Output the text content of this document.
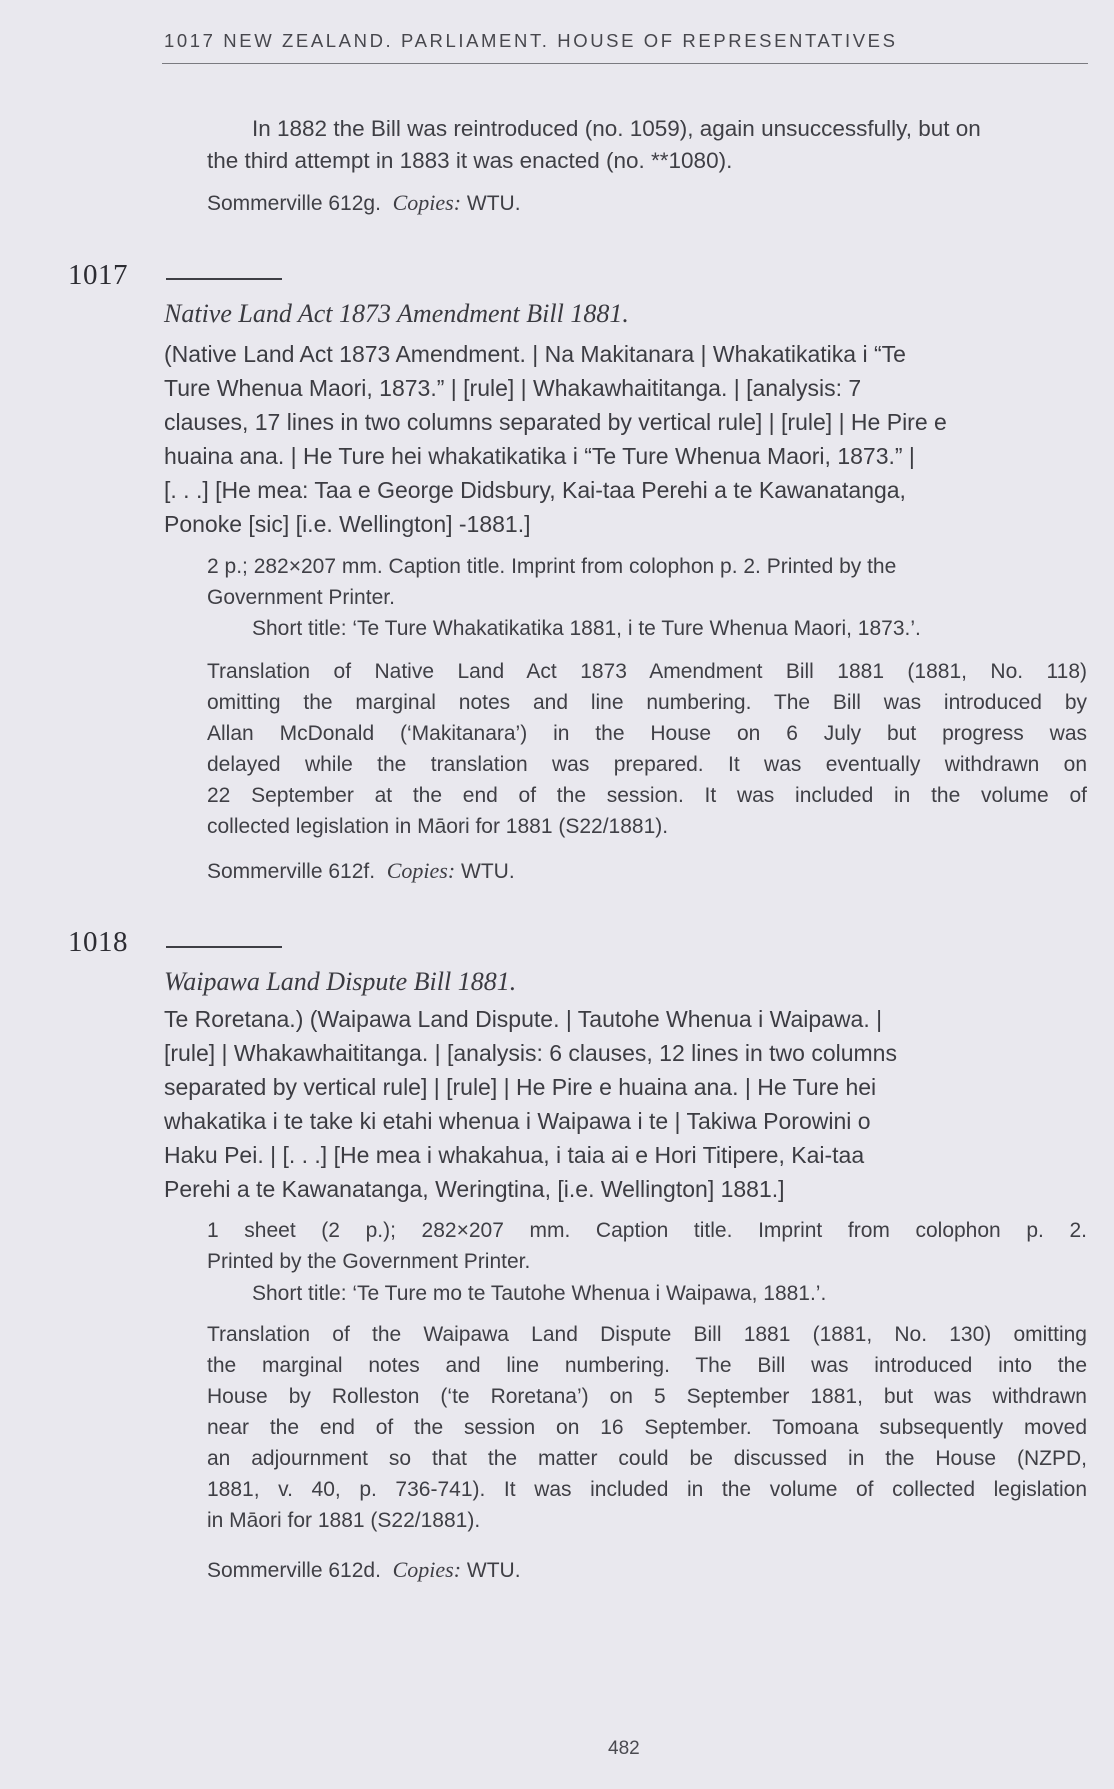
1017 NEW ZEALAND. PARLIAMENT. HOUSE OF REPRESENTATIVES
In 1882 the Bill was reintroduced (no. 1059), again unsuccessfully, but on
the third attempt in 1883 it was enacted (no. **1080).
Sommerville 612g. Copies: WTU.
1017
Native Land Act 1873 Amendment Bill 1881.
(Native Land Act 1873 Amendment. | Na Makitanara | Whakatikatika i “Te
Ture Whenua Maori, 1873.” | [rule] | Whakawhaititanga. | [analysis: 7
clauses, 17 lines in two columns separated by vertical rule] | [rule] | He Pire e
huaina ana. | He Ture hei whakatikatika i “Te Ture Whenua Maori, 1873.” |
[. . .] [He mea: Taa e George Didsbury, Kai-taa Perehi a te Kawanatanga,
Ponoke [sic] [i.e. Wellington] -1881.]
2 p.; 282×207 mm. Caption title. Imprint from colophon p. 2. Printed by the
Government Printer.
Short title: ‘Te Ture Whakatikatika 1881, i te Ture Whenua Maori, 1873.’.
Translation of Native Land Act 1873 Amendment Bill 1881 (1881, No. 118)
omitting the marginal notes and line numbering. The Bill was introduced by
Allan McDonald (‘Makitanara’) in the House on 6 July but progress was
delayed while the translation was prepared. It was eventually withdrawn on
22 September at the end of the session. It was included in the volume of
collected legislation in Māori for 1881 (S22/1881).
Sommerville 612f. Copies: WTU.
1018
Waipawa Land Dispute Bill 1881.
Te Roretana.) (Waipawa Land Dispute. | Tautohe Whenua i Waipawa. |
[rule] | Whakawhaititanga. | [analysis: 6 clauses, 12 lines in two columns
separated by vertical rule] | [rule] | He Pire e huaina ana. | He Ture hei
whakatika i te take ki etahi whenua i Waipawa i te | Takiwa Porowini o
Haku Pei. | [. . .] [He mea i whakahua, i taia ai e Hori Titipere, Kai-taa
Perehi a te Kawanatanga, Weringtina, [i.e. Wellington] 1881.]
1 sheet (2 p.); 282×207 mm. Caption title. Imprint from colophon p. 2.
Printed by the Government Printer.
Short title: ‘Te Ture mo te Tautohe Whenua i Waipawa, 1881.’.
Translation of the Waipawa Land Dispute Bill 1881 (1881, No. 130) omitting
the marginal notes and line numbering. The Bill was introduced into the
House by Rolleston (‘te Roretana’) on 5 September 1881, but was withdrawn
near the end of the session on 16 September. Tomoana subsequently moved
an adjournment so that the matter could be discussed in the House (NZPD,
1881, v. 40, p. 736-741). It was included in the volume of collected legislation
in Māori for 1881 (S22/1881).
Sommerville 612d. Copies: WTU.
482
